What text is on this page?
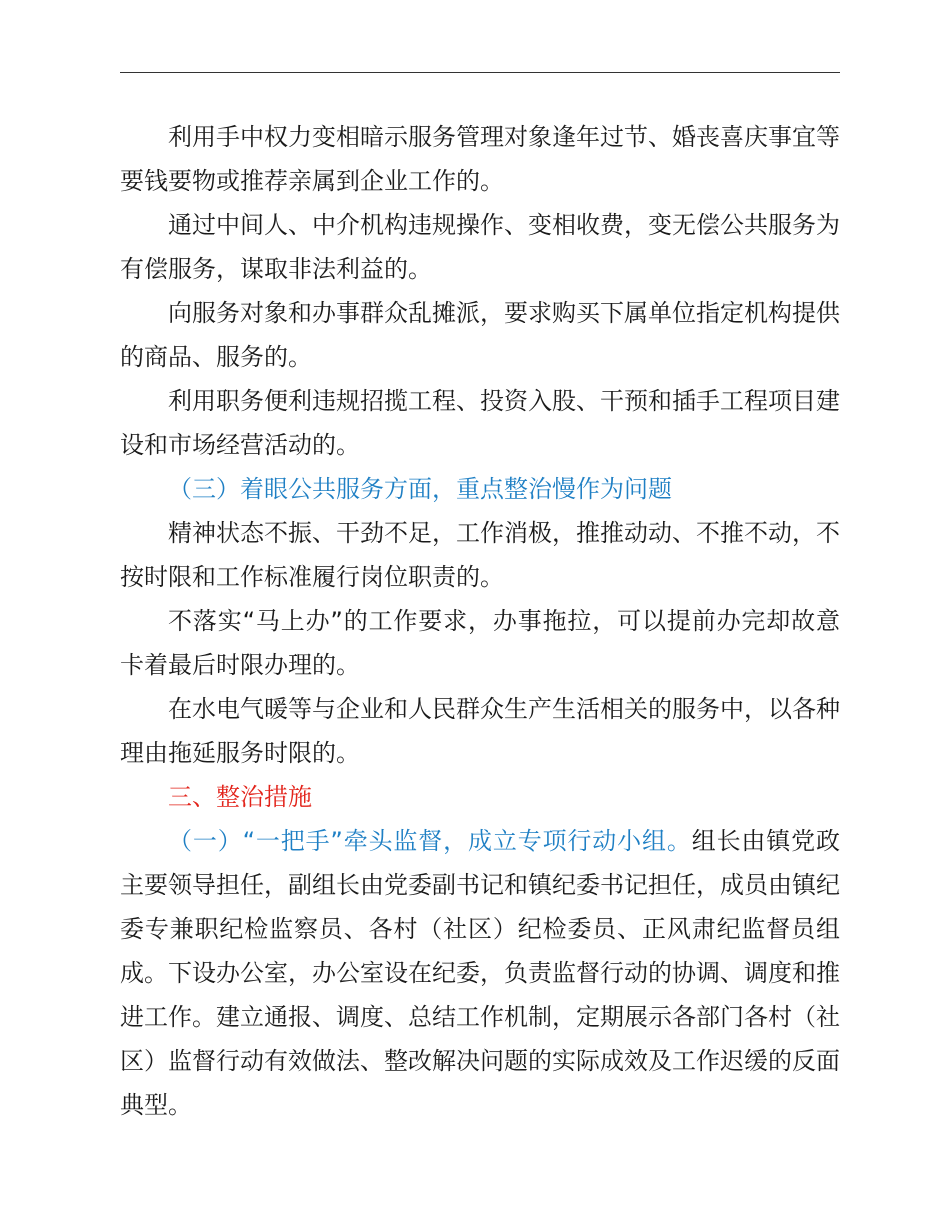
利用手中权力变相暗示服务管理对象逢年过节、婚丧喜庆事宜等要钱要物或推荐亲属到企业工作的。

通过中间人、中介机构违规操作、变相收费，变无偿公共服务为有偿服务，谋取非法利益的。

向服务对象和办事群众乱摊派，要求购买下属单位指定机构提供的商品、服务的。

利用职务便利违规招揽工程、投资入股、干预和插手工程项目建设和市场经营活动的。

（三）着眼公共服务方面，重点整治慢作为问题

精神状态不振、干劲不足，工作消极，推推动动、不推不动，不按时限和工作标准履行岗位职责的。

不落实“马上办”的工作要求，办事拖拉，可以提前办完却故意卡着最后时限办理的。

在水电气暖等与企业和人民群众生产生活相关的服务中，以各种理由拖延服务时限的。

三、整治措施

（一）“一把手”牵头监督，成立专项行动小组。组长由镇党政主要领导担任，副组长由党委副书记和镇纪委书记担任，成员由镇纪委专兼职纪检监察员、各村（社区）纪检委员、正风肃纪监督员组成。下设办公室，办公室设在纪委，负责监督行动的协调、调度和推进工作。建立通报、调度、总结工作机制，定期展示各部门各村（社区）监督行动有效做法、整改解决问题的实际成效及工作迟缓的反面典型。
